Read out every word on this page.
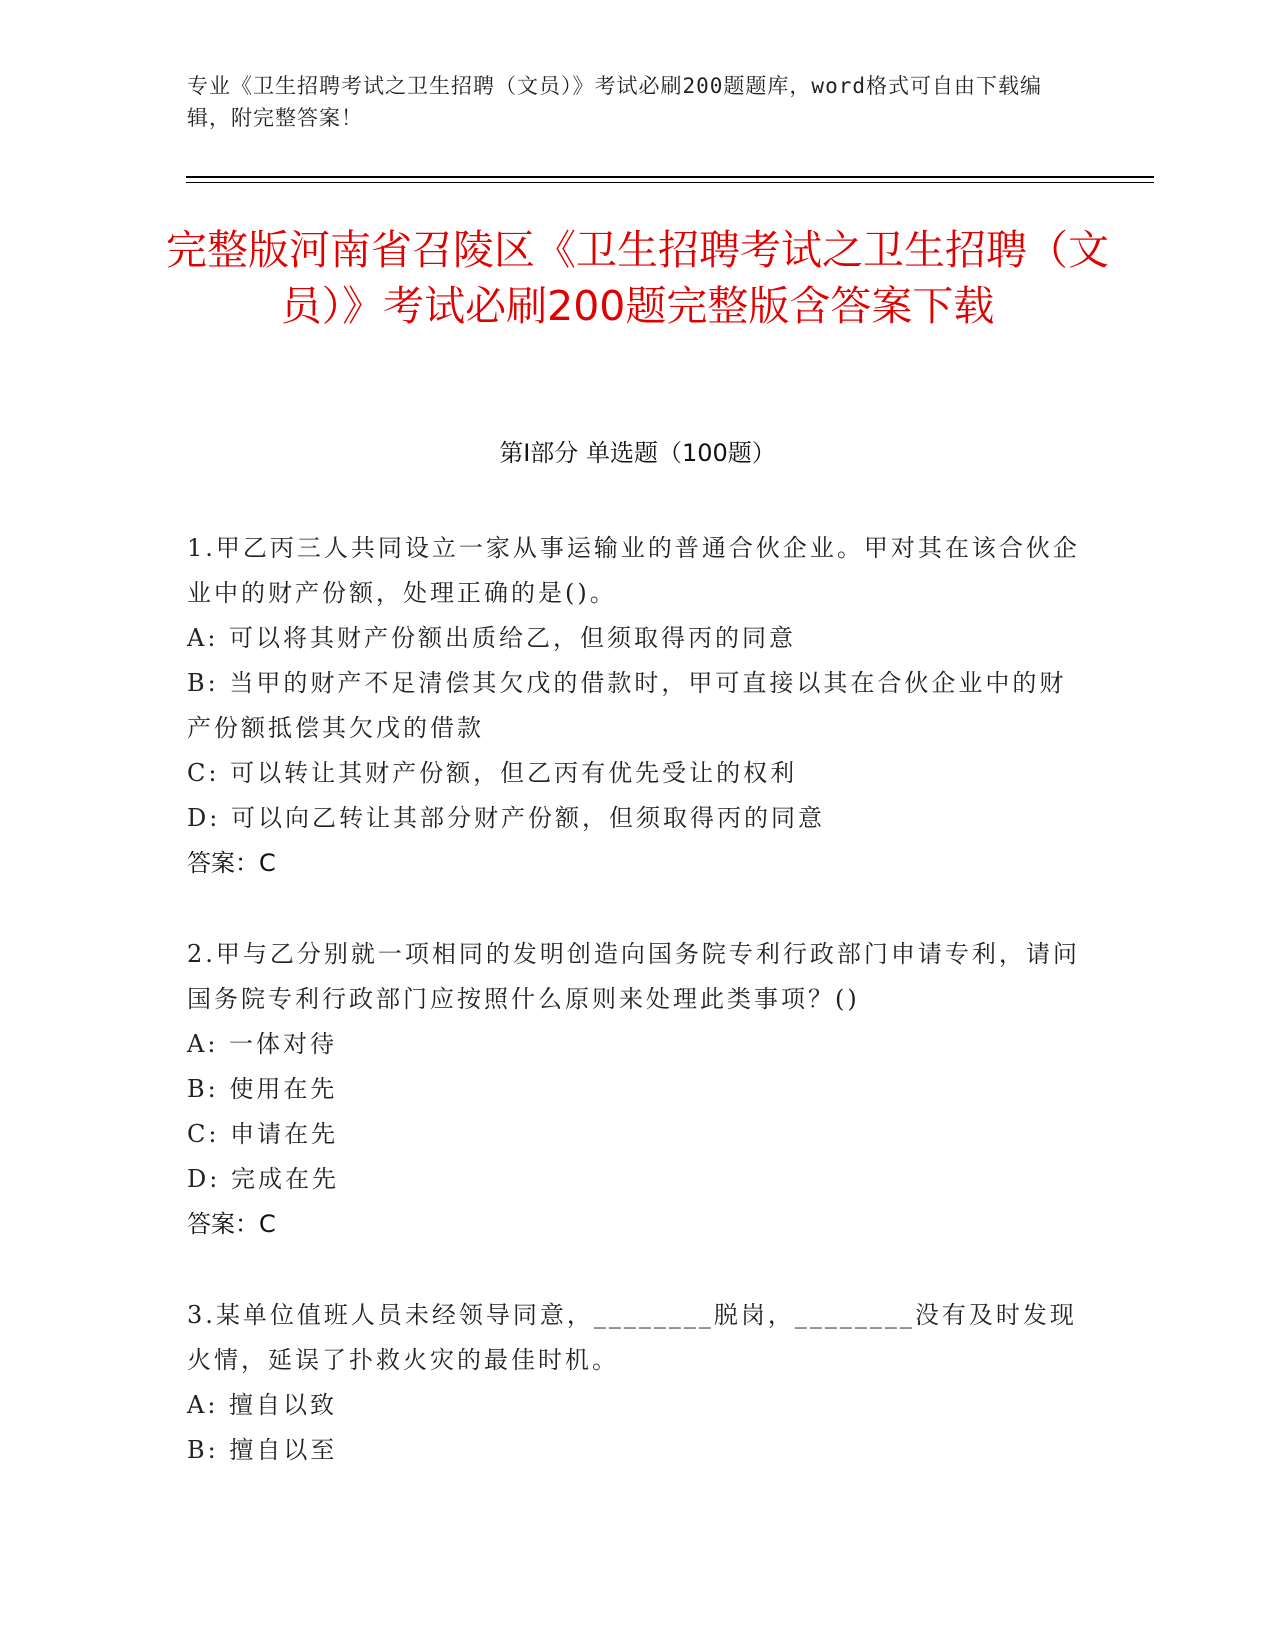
专业《卫生招聘考试之卫生招聘（文员）》考试必刷200题题库，word格式可自由下载编辑，附完整答案！
完整版河南省召陵区《卫生招聘考试之卫生招聘（文员）》考试必刷200题完整版含答案下载
第Ⅰ部分 单选题（100题）

1.甲乙丙三人共同设立一家从事运输业的普通合伙企业。甲对其在该合伙企业中的财产份额，处理正确的是()。

A: 可以将其财产份额出质给乙，但须取得丙的同意
B: 当甲的财产不足清偿其欠戊的借款时，甲可直接以其在合伙企业中的财产份额抵偿其欠戊的借款
C: 可以转让其财产份额，但乙丙有优先受让的权利
D: 可以向乙转让其部分财产份额，但须取得丙的同意
答案：C

2.甲与乙分别就一项相同的发明创造向国务院专利行政部门申请专利，请问国务院专利行政部门应按照什么原则来处理此类事项？()

A: 一体对待
B: 使用在先
C: 申请在先
D: 完成在先
答案：C

3.某单位值班人员未经领导同意，________脱岗，________没有及时发现火情，延误了扑救火灾的最佳时机。

A: 擅自以致
B: 擅自以至
